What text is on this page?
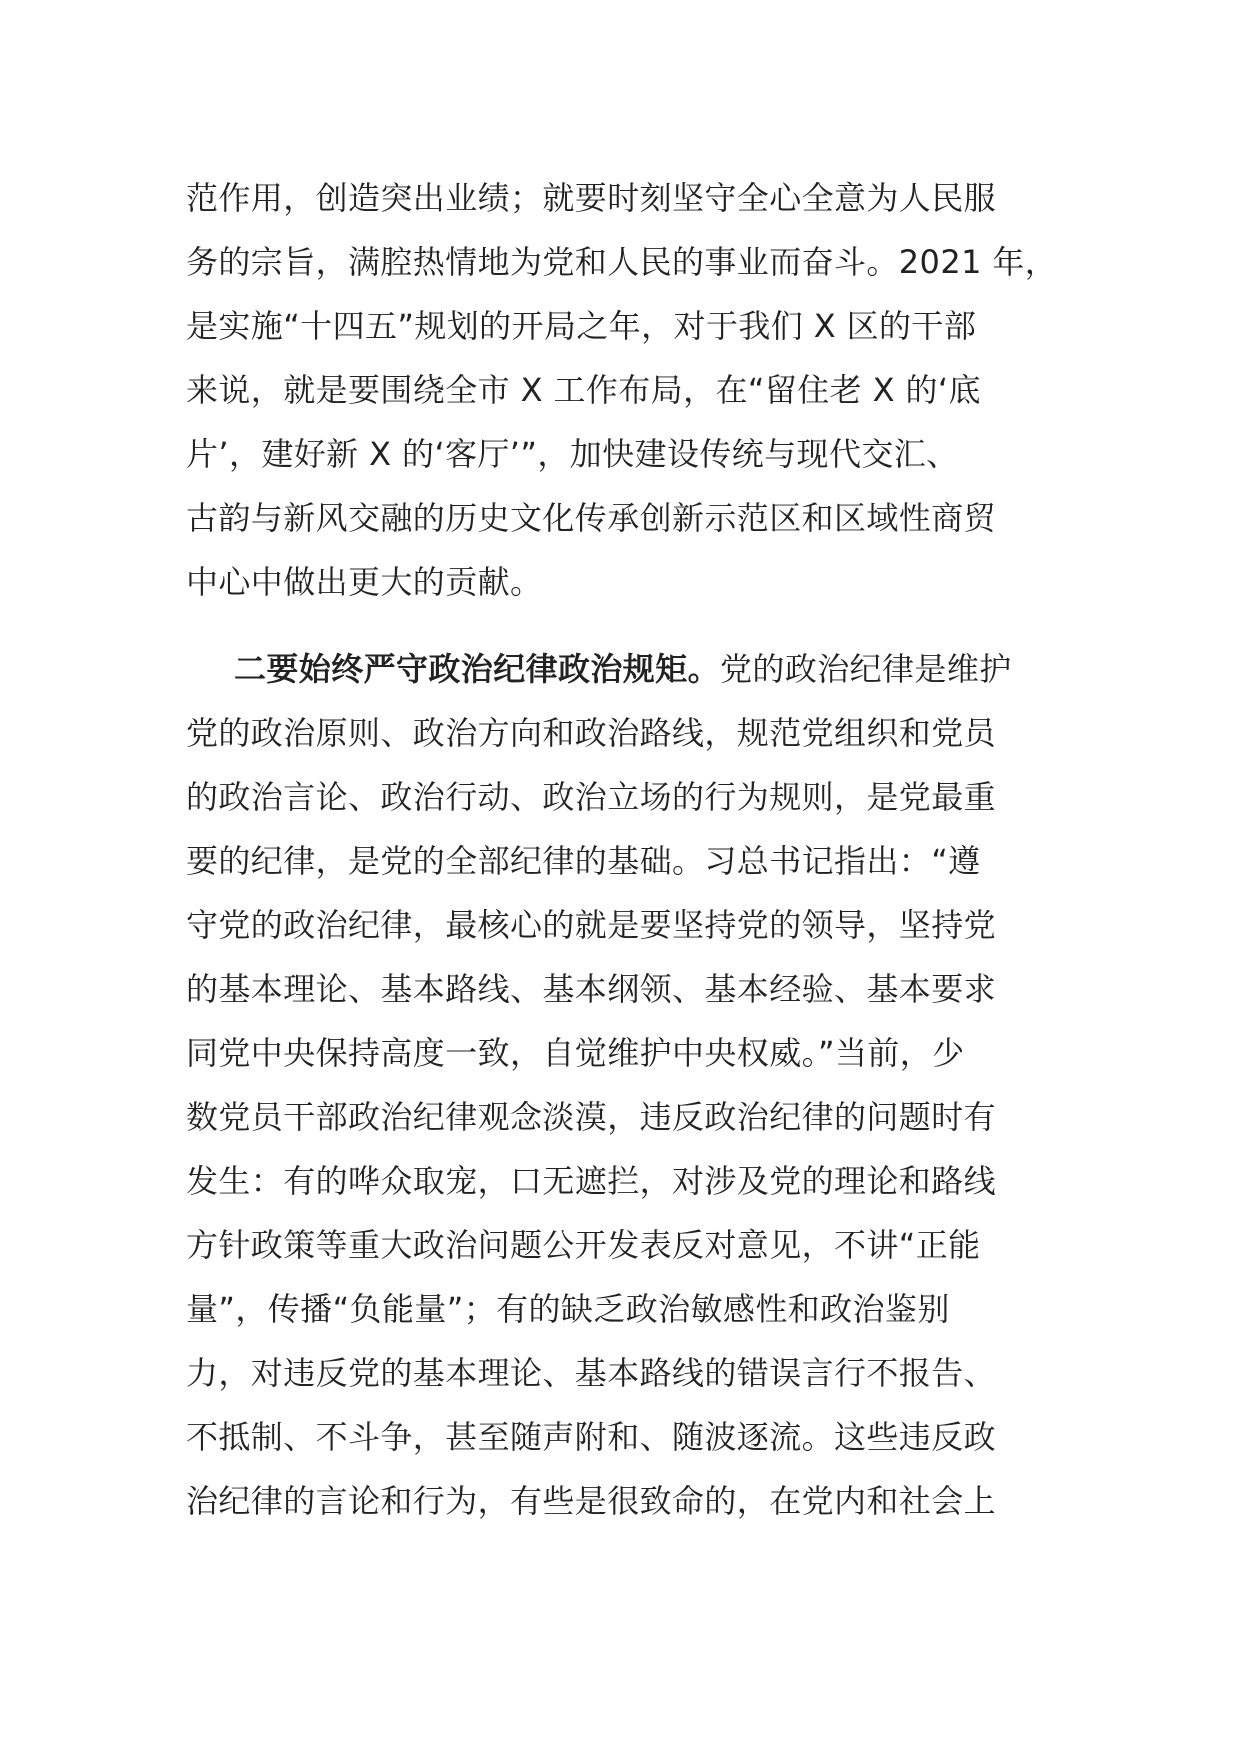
范作用，创造突出业绩；就要时刻坚守全心全意为人民服
务的宗旨，满腔热情地为党和人民的事业而奋斗。2021 年，
是实施“十四五”规划的开局之年，对于我们 X 区的干部
来说，就是要围绕全市 X 工作布局，在“留住老 X 的‘底
片’，建好新 X 的‘客厅’”，加快建设传统与现代交汇、
古韵与新风交融的历史文化传承创新示范区和区域性商贸
中心中做出更大的贡献。
二要始终严守政治纪律政治规矩。党的政治纪律是维护
党的政治原则、政治方向和政治路线，规范党组织和党员
的政治言论、政治行动、政治立场的行为规则，是党最重
要的纪律，是党的全部纪律的基础。习总书记指出：“遵
守党的政治纪律，最核心的就是要坚持党的领导，坚持党
的基本理论、基本路线、基本纲领、基本经验、基本要求
同党中央保持高度一致，自觉维护中央权威。”当前，少
数党员干部政治纪律观念淡漠，违反政治纪律的问题时有
发生：有的哗众取宠，口无遮拦，对涉及党的理论和路线
方针政策等重大政治问题公开发表反对意见，不讲“正能
量”，传播“负能量”；有的缺乏政治敏感性和政治鉴别
力，对违反党的基本理论、基本路线的错误言行不报告、
不抵制、不斗争，甚至随声附和、随波逐流。这些违反政
治纪律的言论和行为，有些是很致命的，在党内和社会上
